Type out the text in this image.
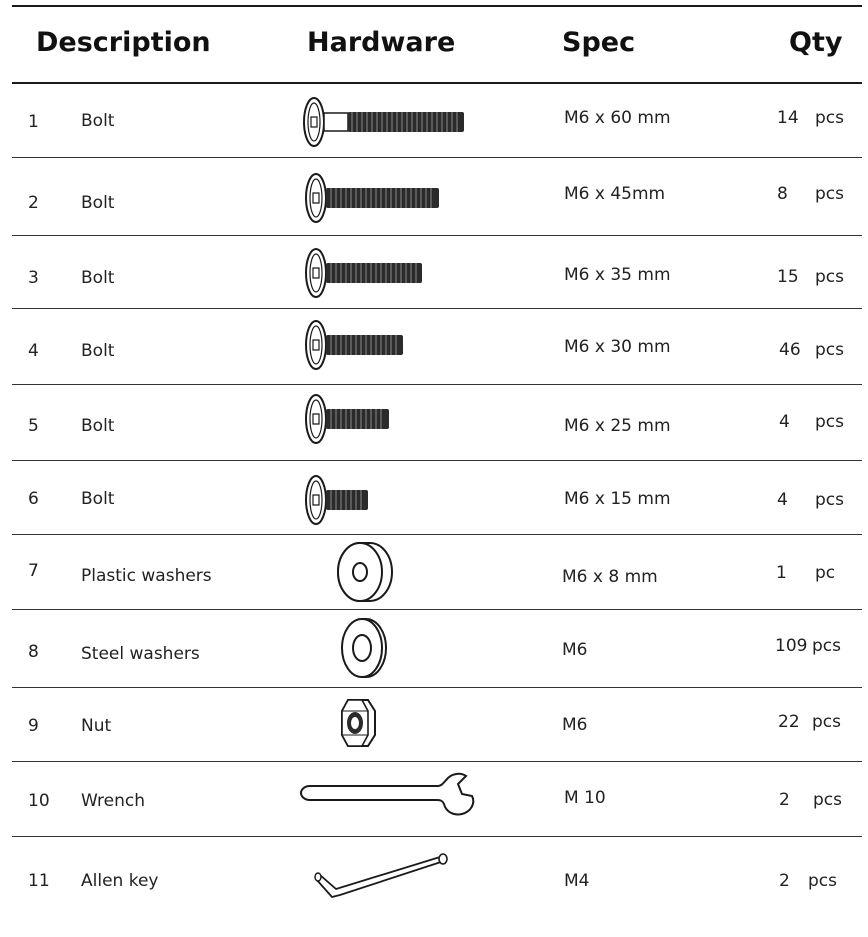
Description	Hardware	Spec	Qty
1 Bolt	M6 x 60 mm	14 pcs
2 Bolt	M6 x 45mm	8 pcs
3 Bolt	M6 x 35 mm	15 pcs
4 Bolt	M6 x 30 mm	46 pcs
5 Bolt	M6 x 25 mm	4 pcs
6 Bolt	M6 x 15 mm	4 pcs
7 Plastic washers	M6 x 8 mm	1 pc
8 Steel washers	M6	109 pcs
9 Nut	M6	22 pcs
10 Wrench	M 10	2 pcs
11 Allen key	M4	2 pcs
